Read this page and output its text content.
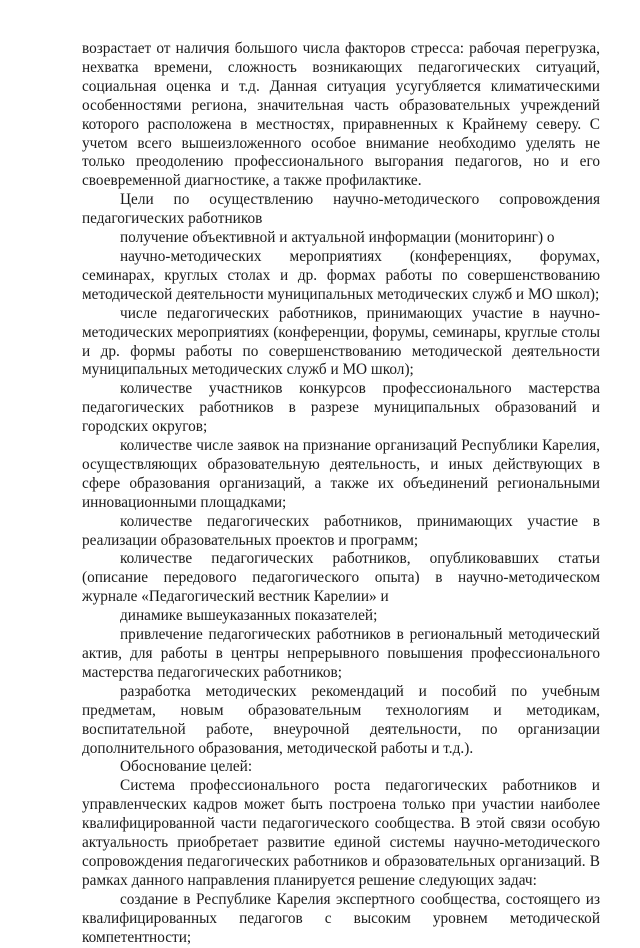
возрастает от наличия большого числа факторов стресса: рабочая перегрузка, нехватка времени, сложность возникающих педагогических ситуаций, социальная оценка и т.д. Данная ситуация усугубляется климатическими особенностями региона, значительная часть образовательных учреждений которого расположена в местностях, приравненных к Крайнему северу. С учетом всего вышеизложенного особое внимание необходимо уделять не только преодолению профессионального выгорания педагогов, но и его своевременной диагностике, а также профилактике.

Цели по осуществлению научно-методического сопровождения педагогических работников

получение объективной и актуальной информации (мониторинг) о

научно-методических мероприятиях (конференциях, форумах, семинарах, круглых столах и др. формах работы по совершенствованию методической деятельности муниципальных методических служб и МО школ);

числе педагогических работников, принимающих участие в научно-методических мероприятиях (конференции, форумы, семинары, круглые столы и др. формы работы по совершенствованию методической деятельности муниципальных методических служб и МО школ);

количестве участников конкурсов профессионального мастерства педагогических работников в разрезе муниципальных образований и городских округов;

количестве числе заявок на признание организаций Республики Карелия, осуществляющих образовательную деятельность, и иных действующих в сфере образования организаций, а также их объединений региональными инновационными площадками;

количестве педагогических работников, принимающих участие в реализации образовательных проектов и программ;

количестве педагогических работников, опубликовавших статьи (описание передового педагогического опыта) в научно-методическом журнале «Педагогический вестник Карелии» и

динамике вышеуказанных показателей;

привлечение педагогических работников в региональный методический актив, для работы в центры непрерывного повышения профессионального мастерства педагогических работников;

разработка методических рекомендаций и пособий по учебным предметам, новым образовательным технологиям и методикам, воспитательной работе, внеурочной деятельности, по организации дополнительного образования, методической работы и т.д.).

Обоснование целей:

Система профессионального роста педагогических работников и управленческих кадров может быть построена только при участии наиболее квалифицированной части педагогического сообщества. В этой связи особую актуальность приобретает развитие единой системы научно-методического сопровождения педагогических работников и образовательных организаций. В рамках данного направления планируется решение следующих задач:

создание в Республике Карелия экспертного сообщества, состоящего из квалифицированных педагогов с высоким уровнем методической компетентности;
